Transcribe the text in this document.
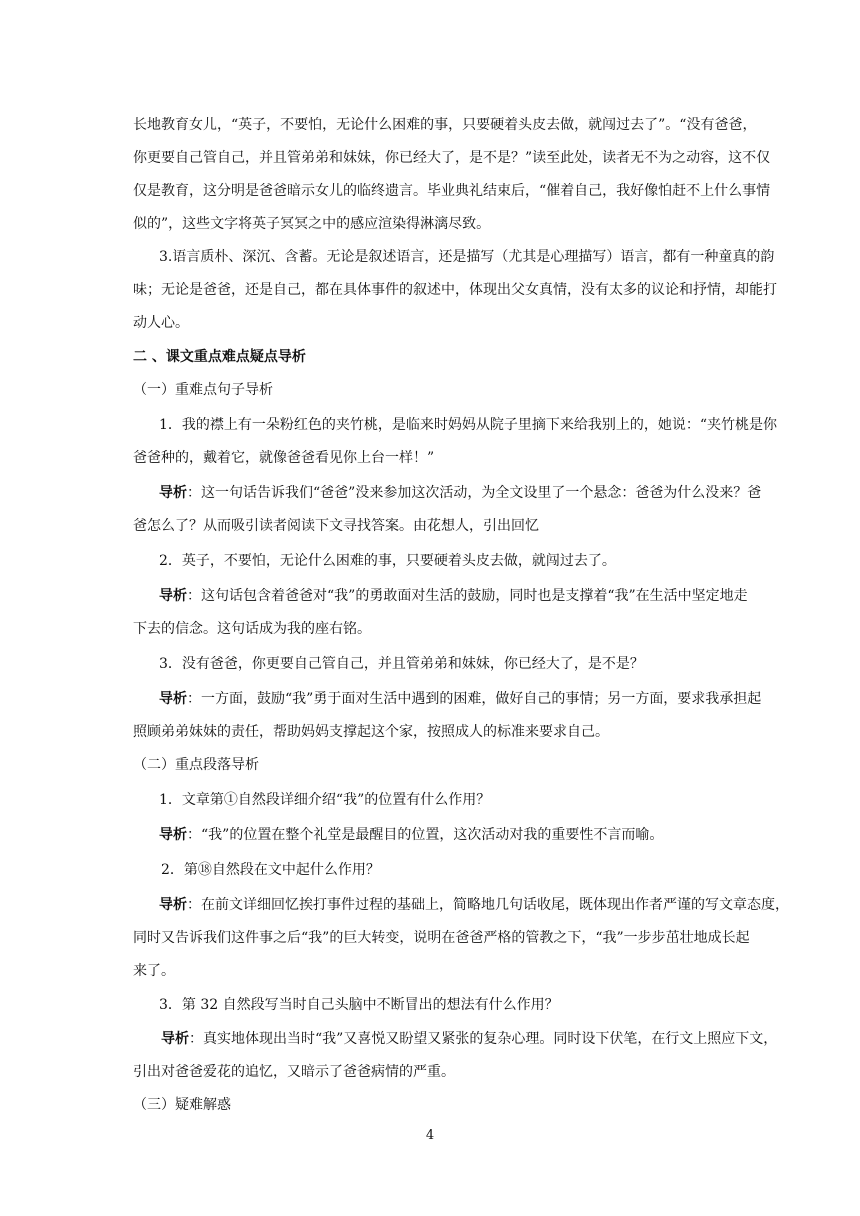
长地教育女儿，“英子，不要怕，无论什么困难的事，只要硬着头皮去做，就闯过去了”。“没有爸爸，
你更要自己管自己，并且管弟弟和妹妹，你已经大了，是不是？”读至此处，读者无不为之动容，这不仅
仅是教育，这分明是爸爸暗示女儿的临终遗言。毕业典礼结束后，“催着自己，我好像怕赶不上什么事情
似的”，这些文字将英子冥冥之中的感应渲染得淋漓尽致。
3.语言质朴、深沉、含蓄。无论是叙述语言，还是描写（尤其是心理描写）语言，都有一种童真的韵
味；无论是爸爸，还是自己，都在具体事件的叙述中，体现出父女真情，没有太多的议论和抒情，却能打
动人心。
二 、课文重点难点疑点导析
（一）重难点句子导析
1．我的襟上有一朵粉红色的夹竹桃，是临来时妈妈从院子里摘下来给我别上的，她说：“夹竹桃是你
爸爸种的，戴着它，就像爸爸看见你上台一样！”
导析：这一句话告诉我们“爸爸”没来参加这次活动，为全文设里了一个悬念：爸爸为什么没来？爸
爸怎么了？从而吸引读者阅读下文寻找答案。由花想人，引出回忆
2．英子，不要怕，无论什么困难的事，只要硬着头皮去做，就闯过去了。
导析：这句话包含着爸爸对“我”的勇敢面对生活的鼓励，同时也是支撑着“我”在生活中坚定地走
下去的信念。这句话成为我的座右铭。
3．没有爸爸，你更要自己管自己，并且管弟弟和妹妹，你已经大了，是不是？
导析：一方面，鼓励“我”勇于面对生活中遇到的困难，做好自己的事情；另一方面，要求我承担起
照顾弟弟妹妹的责任，帮助妈妈支撑起这个家，按照成人的标准来要求自己。
（二）重点段落导析
1．文章第①自然段详细介绍“我”的位置有什么作用？
导析：“我”的位置在整个礼堂是最醒目的位置，这次活动对我的重要性不言而喻。
2．第⑱自然段在文中起什么作用？
导析：在前文详细回忆挨打事件过程的基础上，简略地几句话收尾，既体现出作者严谨的写文章态度，
同时又告诉我们这件事之后“我”的巨大转变，说明在爸爸严格的管教之下，“我”一步步茁壮地成长起
来了。
3．第 32 自然段写当时自己头脑中不断冒出的想法有什么作用？
导析：真实地体现出当时“我”又喜悦又盼望又紧张的复杂心理。同时设下伏笔，在行文上照应下文，
引出对爸爸爱花的追忆，又暗示了爸爸病情的严重。
（三）疑难解惑
4
